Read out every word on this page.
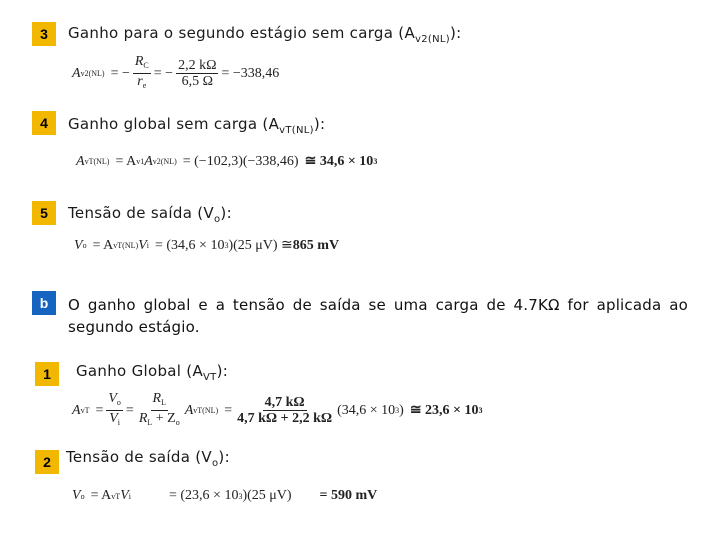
3	Ganho para o segundo estágio sem carga $(A_{v2(NL)})$:
A v2(NL) = − $\frac{R_C}{r_e}$ = − $\frac{2,2 k\Omega}{6,5 \Omega} = -338,46$
4	Ganho global sem carga $(A_{vT(NL)})$:
A vT(NL) = A v1 A v2(NL) = (−102,3)(−338,46) ≅ 34,6 × 10 3
5	Tensão de saída $(V_o)$:
V o = A vT(NL) V i = (34,6 × 10 3 )(25 μV) ≅ 865 mV
b	O ganho global e a tensão de saída se uma carga de 4.7KΩ for aplicada ao segundo estágio.
1	Ganho Global $(A_{VT})$:
A vT = $\frac{V_o}{V_i} = \frac{R_L}{R_L + Z_o}$ A $vT(NL) = \frac{4,7 k\Omega}{4,7 k\Omega + 2,2 k\Omega} (34,6 \times 10$ 3 ) ≅ 23,6 × 10 3
2	Tensão de saída $(V_o)$:
V o = A vT V i	= (23,6 × 10 3 )(25 μV) = 590 mV
